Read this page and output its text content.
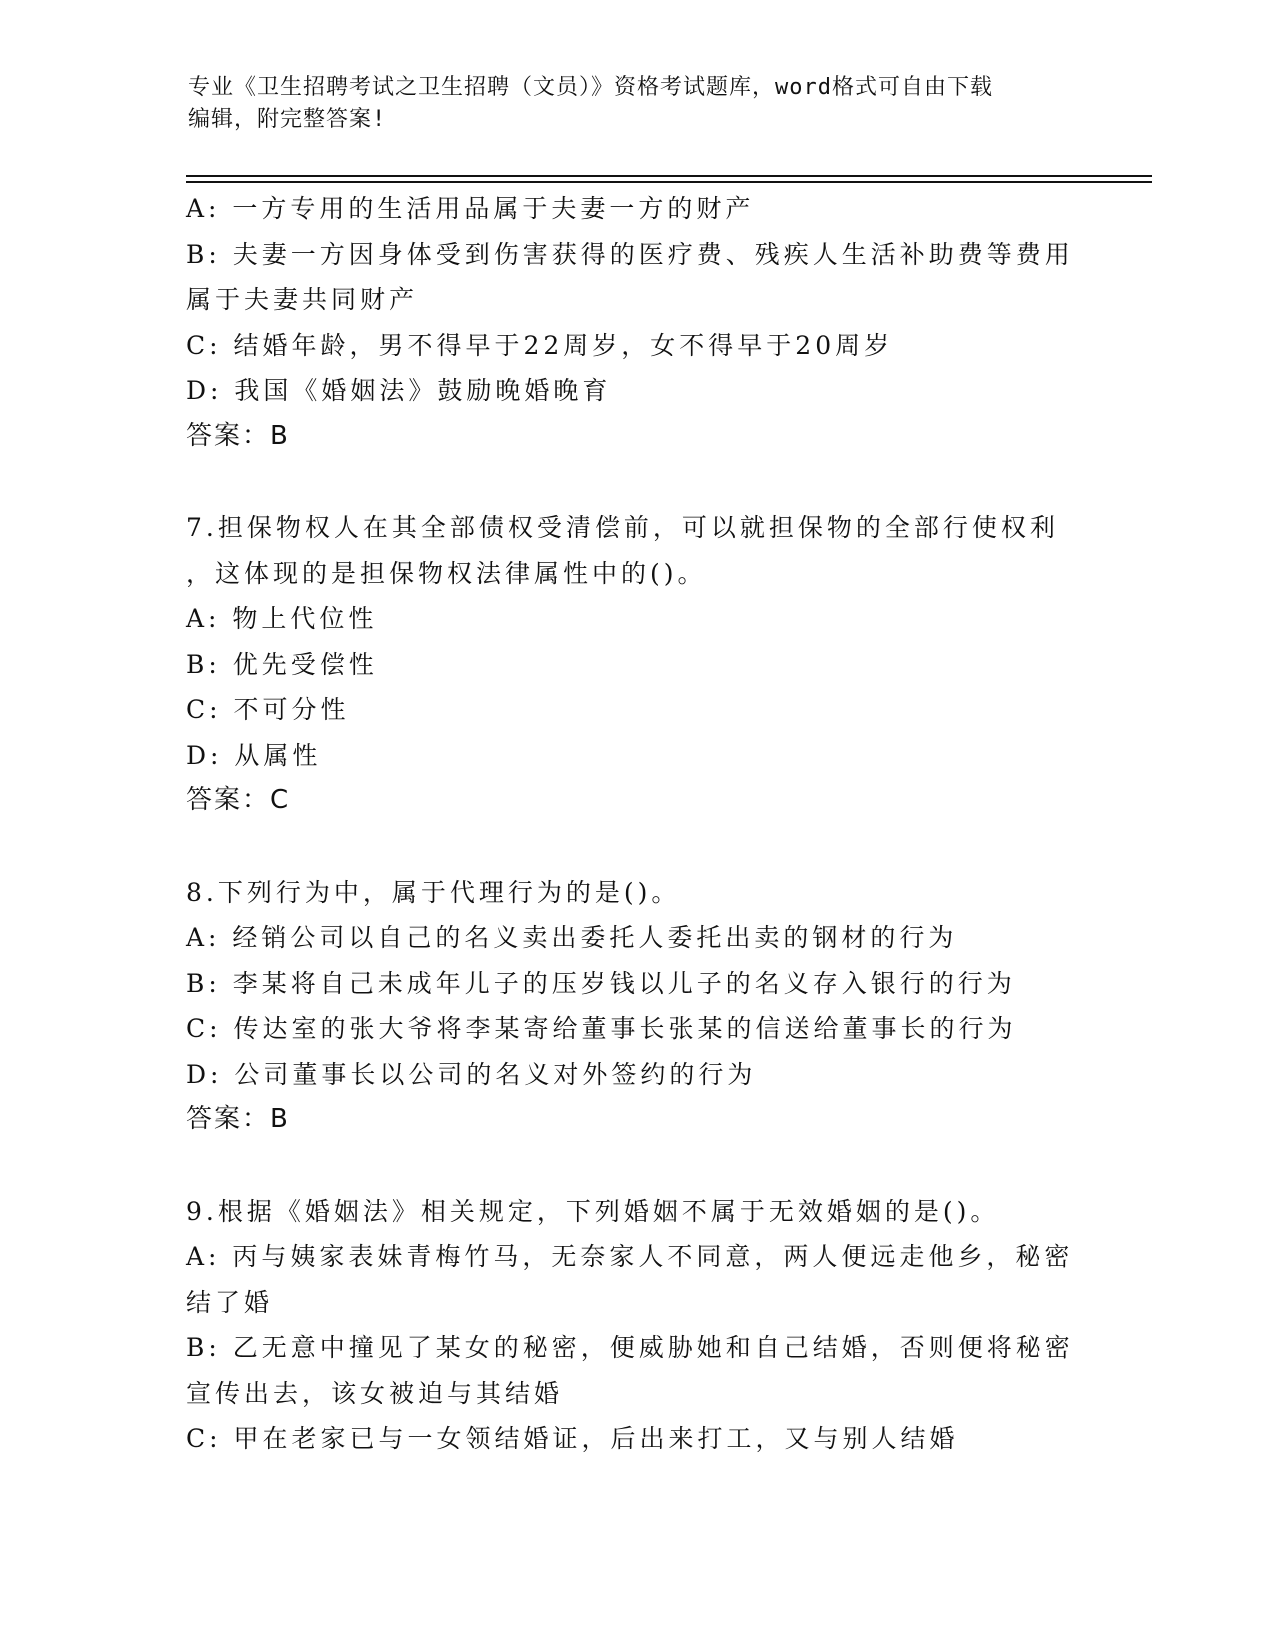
专业《卫生招聘考试之卫生招聘（文员）》资格考试题库，word格式可自由下载
编辑，附完整答案!
A: 一方专用的生活用品属于夫妻一方的财产
B: 夫妻一方因身体受到伤害获得的医疗费、残疾人生活补助费等费用
属于夫妻共同财产
C: 结婚年龄，男不得早于22周岁，女不得早于20周岁
D: 我国《婚姻法》鼓励晚婚晚育
答案：B
7.担保物权人在其全部债权受清偿前，可以就担保物的全部行使权利
，这体现的是担保物权法律属性中的()。
A: 物上代位性
B: 优先受偿性
C: 不可分性
D: 从属性
答案：C
8.下列行为中，属于代理行为的是()。
A: 经销公司以自己的名义卖出委托人委托出卖的钢材的行为
B: 李某将自己未成年儿子的压岁钱以儿子的名义存入银行的行为
C: 传达室的张大爷将李某寄给董事长张某的信送给董事长的行为
D: 公司董事长以公司的名义对外签约的行为
答案：B
9.根据《婚姻法》相关规定，下列婚姻不属于无效婚姻的是()。
A: 丙与姨家表妹青梅竹马，无奈家人不同意，两人便远走他乡，秘密
结了婚
B: 乙无意中撞见了某女的秘密，便威胁她和自己结婚，否则便将秘密
宣传出去，该女被迫与其结婚
C: 甲在老家已与一女领结婚证，后出来打工，又与别人结婚
